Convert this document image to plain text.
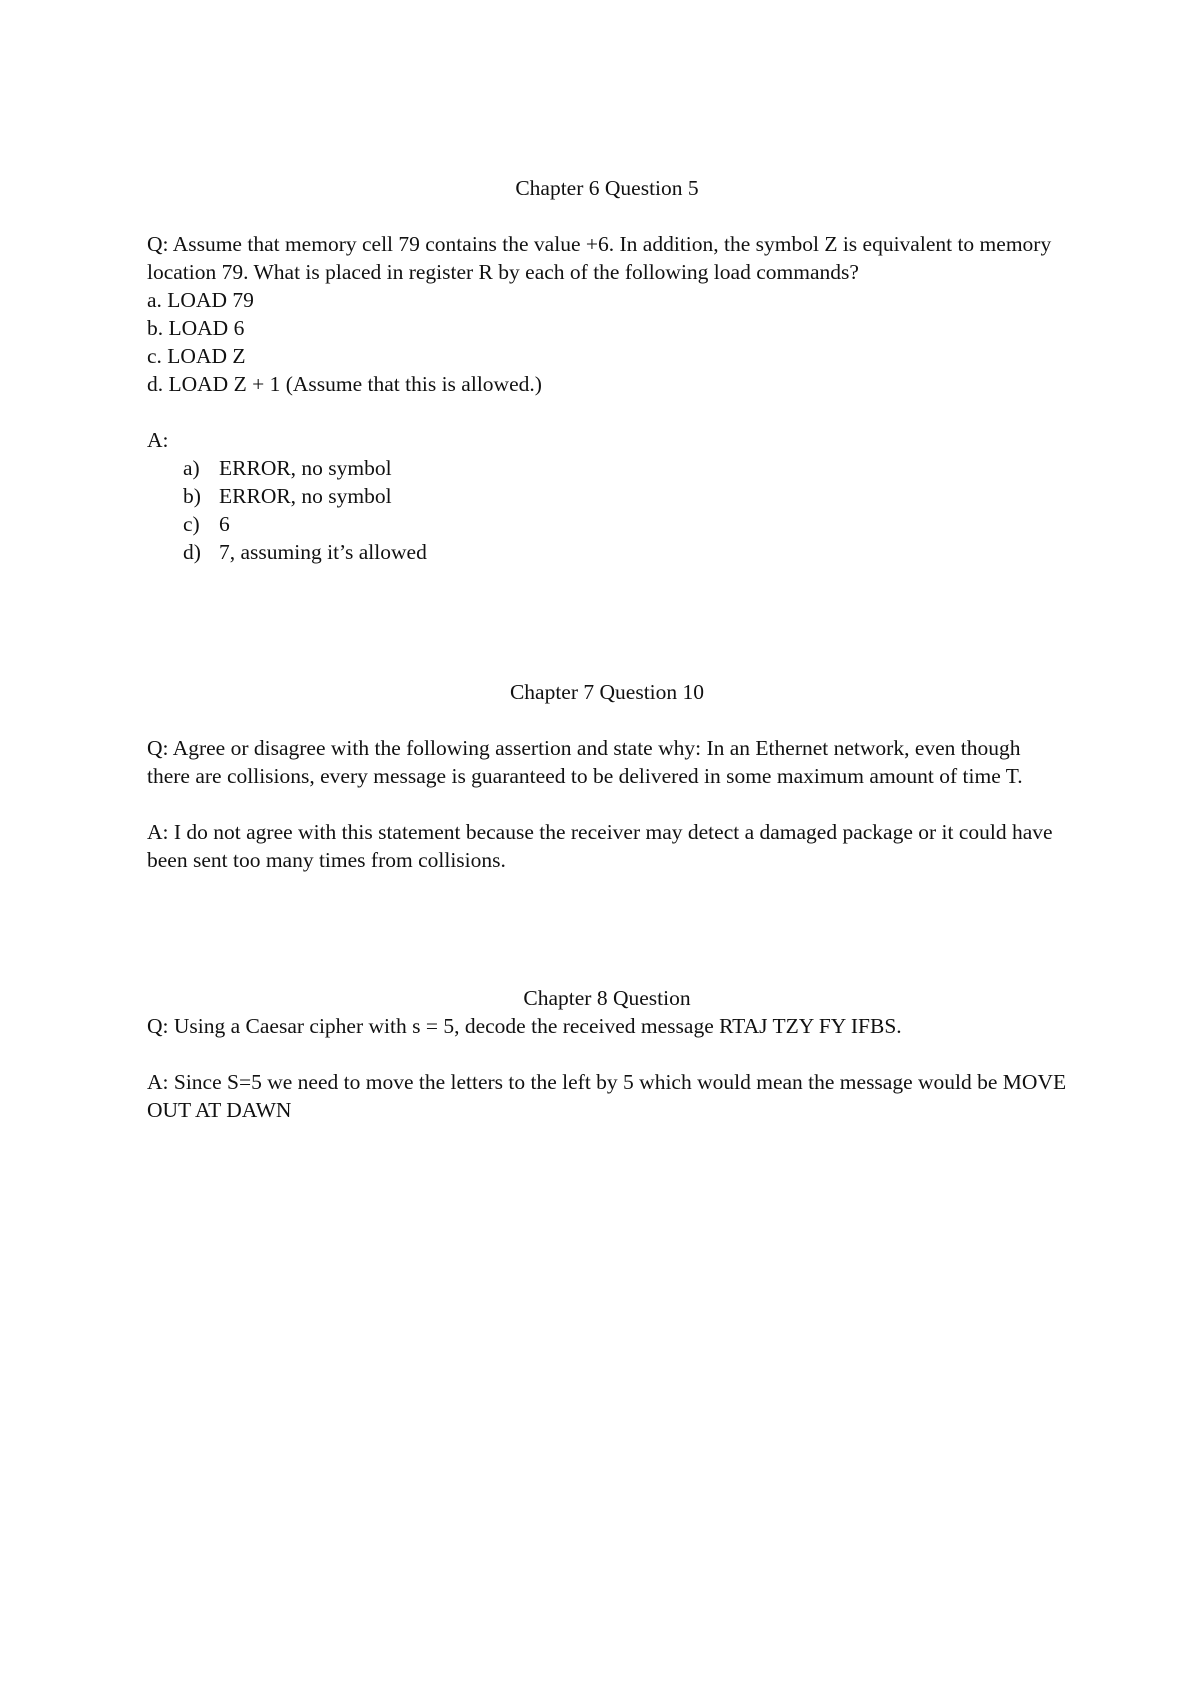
Chapter 6 Question 5

Q: Assume that memory cell 79 contains the value +6. In addition, the symbol Z is equivalent to memory location 79. What is placed in register R by each of the following load commands?

a. LOAD 79

b. LOAD 6

c. LOAD Z

d. LOAD Z + 1 (Assume that this is allowed.)

A:

a) ERROR, no symbol
b) ERROR, no symbol
c) 6
d) 7, assuming it’s allowed

Chapter 7 Question 10

Q: Agree or disagree with the following assertion and state why: In an Ethernet network, even though there are collisions, every message is guaranteed to be delivered in some maximum amount of time T.

A: I do not agree with this statement because the receiver may detect a damaged package or it could have been sent too many times from collisions.

Chapter 8 Question

Q: Using a Caesar cipher with s = 5, decode the received message RTAJ TZY FY IFBS.

A: Since S=5 we need to move the letters to the left by 5 which would mean the message would be MOVE OUT AT DAWN
